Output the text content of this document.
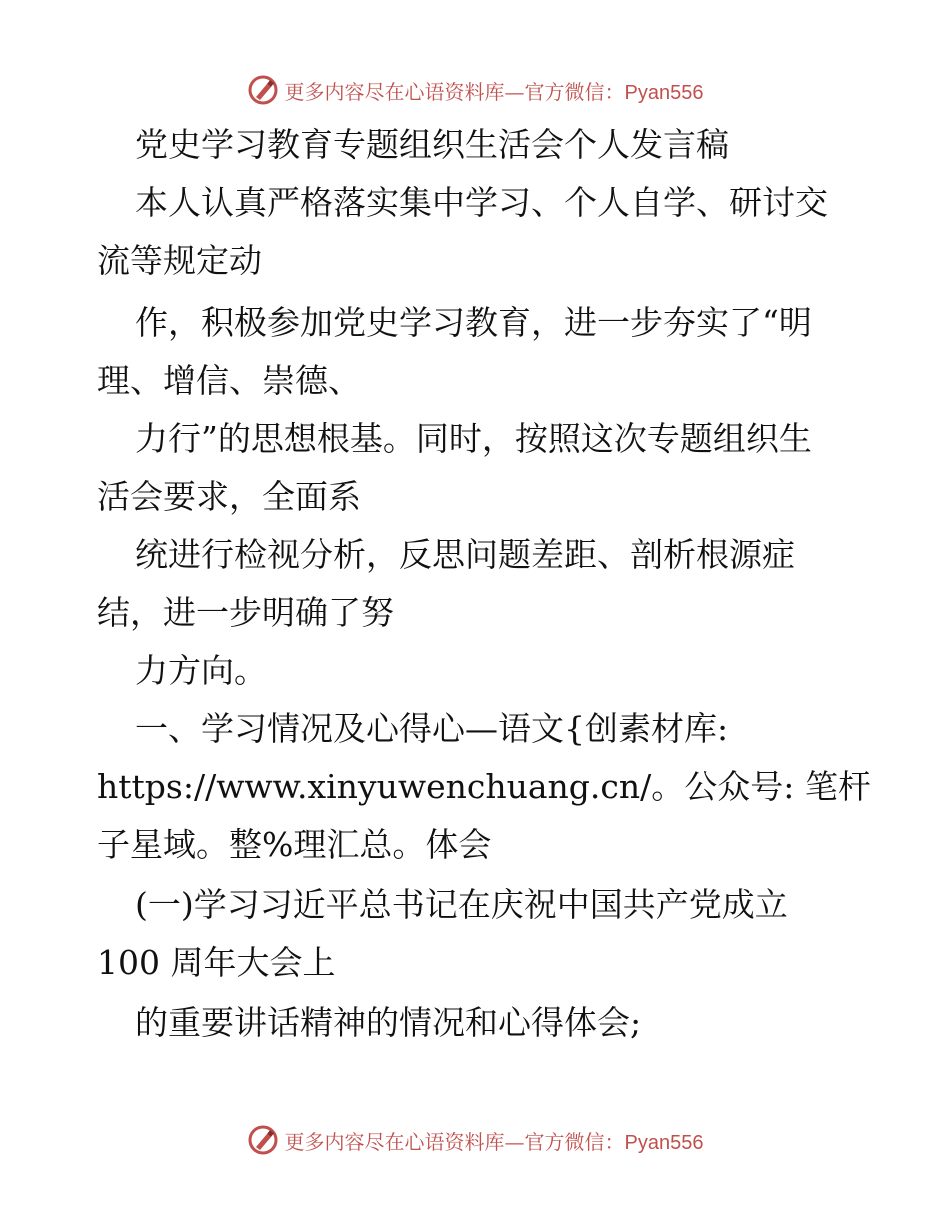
更多内容尽在心语资料库—官方微信：Pyan556
党史学习教育专题组织生活会个人发言稿
本人认真严格落实集中学习、个人自学、研讨交
流等规定动
作，积极参加党史学习教育，进一步夯实了“明
理、增信、崇德、
力行”的思想根基。同时，按照这次专题组织生
活会要求，全面系
统进行检视分析，反思问题差距、剖析根源症
结，进一步明确了努
力方向。
一、学习情况及心得心—语文{创素材库:
https://www.xinyuwenchuang.cn/。公众号: 笔杆
子星域。整%理汇总。体会
(一)学习习近平总书记在庆祝中国共产党成立
100 周年大会上
的重要讲话精神的情况和心得体会;
更多内容尽在心语资料库—官方微信：Pyan556
